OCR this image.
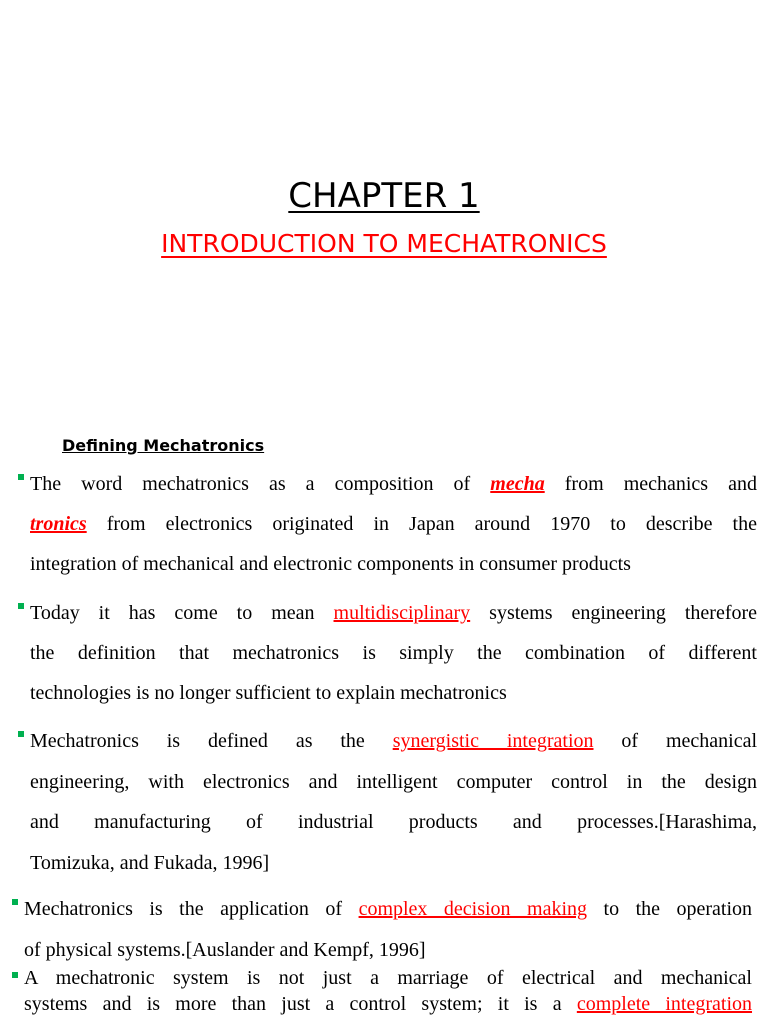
CHAPTER 1
INTRODUCTION TO MECHATRONICS
Defining Mechatronics
The word mechatronics as a composition of mecha from mechanics and
tronics from electronics originated in Japan around 1970 to describe the
integration of mechanical and electronic components in consumer products
Today it has come to mean multidisciplinary systems engineering therefore
the definition that mechatronics is simply the combination of different
technologies is no longer sufficient to explain mechatronics
Mechatronics is defined as the synergistic integration of mechanical
engineering, with electronics and intelligent computer control in the design
and manufacturing of industrial products and processes.[Harashima,
Tomizuka, and Fukada, 1996]
Mechatronics is the application of complex decision making to the operation
of physical systems.[Auslander and Kempf, 1996]
A mechatronic system is not just a marriage of electrical and mechanical
systems and is more than just a control system; it is a complete integration
